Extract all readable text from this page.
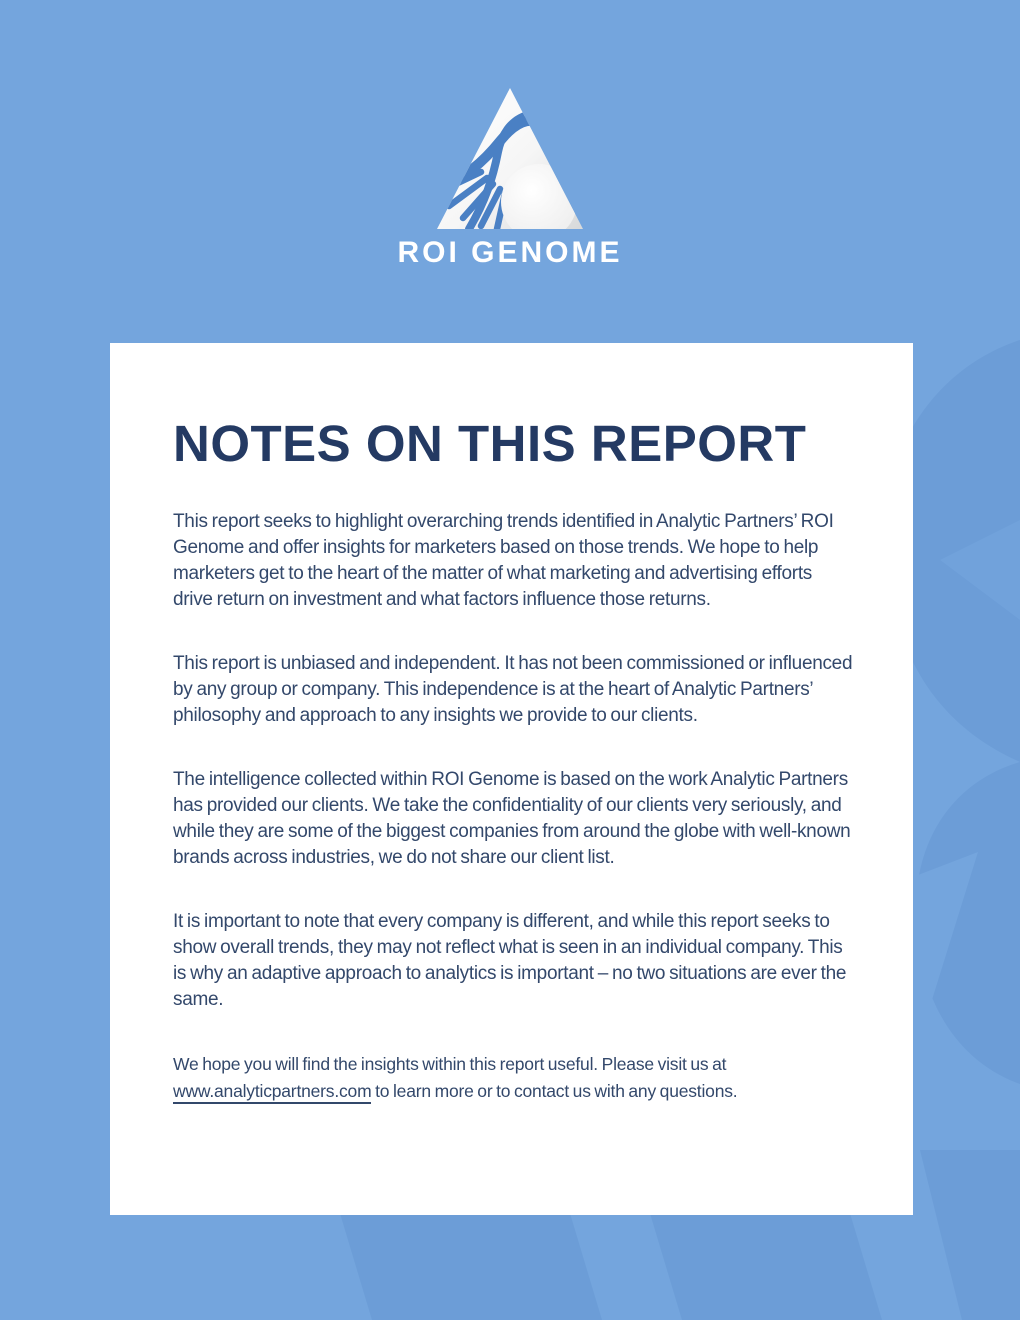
ROI GENOME
NOTES ON THIS REPORT

This report seeks to highlight overarching trends identified in Analytic Partners’ ROI Genome and offer insights for marketers based on those trends. We hope to help marketers get to the heart of the matter of what marketing and advertising efforts drive return on investment and what factors influence those returns.

This report is unbiased and independent. It has not been commissioned or influenced by any group or company. This independence is at the heart of Analytic Partners’ philosophy and approach to any insights we provide to our clients.

The intelligence collected within ROI Genome is based on the work Analytic Partners has provided our clients. We take the confidentiality of our clients very seriously, and while they are some of the biggest companies from around the globe with well-known brands across industries, we do not share our client list.

It is important to note that every company is different, and while this report seeks to show overall trends, they may not reflect what is seen in an individual company. This is why an adaptive approach to analytics is important – no two situations are ever the same.

We hope you will find the insights within this report useful. Please visit us at www.analyticpartners.com to learn more or to contact us with any questions.
